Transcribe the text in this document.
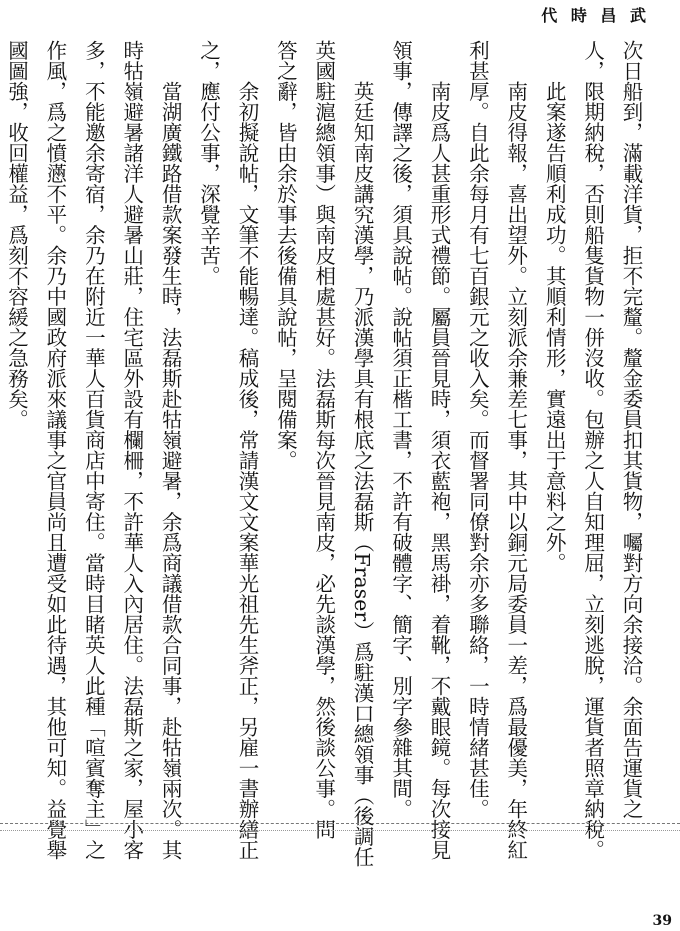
代 時 昌 武
次日船到，滿載洋貨，拒不完釐。釐金委員扣其貨物，囑對方向余接洽。余面告運貨之
人，限期納稅，否則船隻貨物一併沒收。包辦之人自知理屈，立刻逃脫，運貨者照章納稅。
此案遂告順利成功。其順利情形，實遠出于意料之外。
南皮得報，喜出望外。立刻派余兼差七事，其中以銅元局委員一差，爲最優美，年終紅
利甚厚。自此余每月有七百銀元之收入矣。而督署同僚對余亦多聯絡，一時情緒甚佳。
南皮爲人甚重形式禮節。屬員晉見時，須衣藍袍，黑馬褂，着靴，不戴眼鏡。每次接見
領事，傳譯之後，須具說帖。說帖須正楷工書，不許有破體字、簡字、別字參雜其間。
英廷知南皮講究漢學，乃派漢學具有根底之法磊斯（Fraser）爲駐漢口總領事（後調任
英國駐滬總領事）與南皮相處甚好。法磊斯每次晉見南皮，必先談漢學，然後談公事。問
答之辭，皆由余於事去後備具說帖，呈閱備案。
余初擬說帖，文筆不能暢達。稿成後，常請漢文文案華光祖先生斧正，另雇一書辦繕正
之，應付公事，深覺辛苦。
當湖廣鐵路借款案發生時，法磊斯赴牯嶺避暑，余爲商議借款合同事，赴牯嶺兩次。其
時牯嶺避暑諸洋人避暑山莊，住宅區外設有欄柵，不許華人入內居住。法磊斯之家，屋小客
多，不能邀余寄宿，余乃在附近一華人百貨商店中寄住。當時目睹英人此種「喧賓奪主」之
作風，爲之憤懣不平。余乃中國政府派來議事之官員尚且遭受如此待遇，其他可知。益覺舉
國圖強，收回權益，爲刻不容緩之急務矣。
39
